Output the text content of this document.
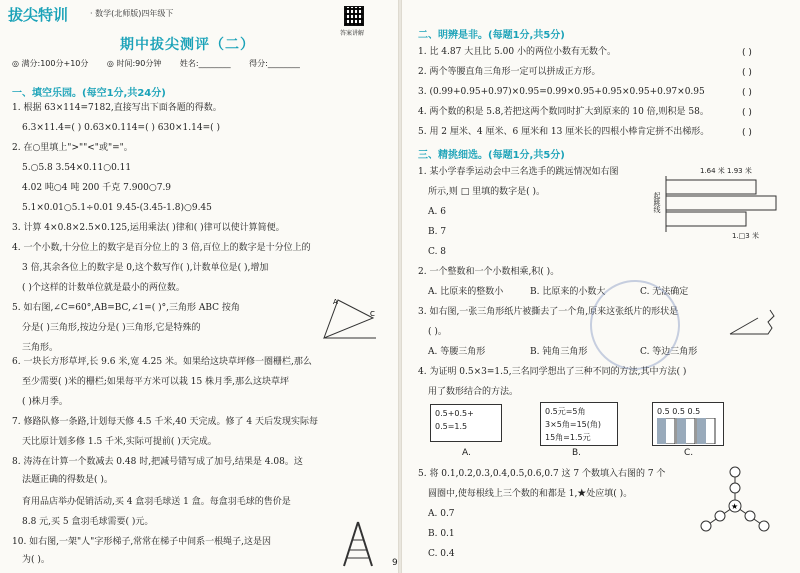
拔尖特训	· 数学(北师版)四年级下
答案讲解
期中拔尖测评（二）
◎ 满分:100分+10分 ◎ 时间:90分钟 姓名:________ 得分:________
一、填空乐园。(每空1分,共24分)
1. 根据 63×114=7182,直接写出下面各题的得数。
6.3×11.4=( ) 0.63×0.114=( ) 630×1.14=( )
2. 在○里填上">""<"或"="。
5.○5.8 3.54×0.11○0.11
4.02 吨○4 吨 200 千克 7.900○7.9
5.1×0.01○5.1÷0.01 9.45-(3.45-1.8)○9.45
3. 计算 4×0.8×2.5×0.125,运用乘法( )律和( )律可以使计算简便。
4. 一个小数,十分位上的数字是百分位上的 3 倍,百位上的数字是十分位上的
3 倍,其余各位上的数字是 0,这个数写作( ),计数单位是( ),增加
( )个这样的计数单位就是最小的两位数。
5. 如右图,∠C=60°,AB=BC,∠1=( )°,三角形 ABC 按角
分是( )三角形,按边分是( )三角形,它是特殊的
三角形。
A
C
6. 一块长方形草坪,长 9.6 米,宽 4.25 米。如果给这块草坪修一圈栅栏,那么
至少需要( )米的栅栏;如果每平方米可以栽 15 株月季,那么这块草坪
( )株月季。
7. 修路队修一条路,计划每天修 4.5 千米,40 天完成。修了 4 天后发现实际每
天比原计划多修 1.5 千米,实际可提前( )天完成。
8. 涛涛在计算一个数减去 0.48 时,把减号错写成了加号,结果是 4.08。这
法题正确的得数是( )。
育用品店举办促销活动,买 4 盒羽毛球送 1 盒。每盒羽毛球的售价是
8.8 元,买 5 盒羽毛球需要( )元。
10. 如右图,一架"人"字形梯子,常常在梯子中间系一根绳子,这是因
为( )。
二、明辨是非。(每题1分,共5分)
1. 比 4.87 大且比 5.00 小的两位小数有无数个。	( )
2. 两个等腰直角三角形一定可以拼成正方形。	( )
3. (0.99+0.95+0.97)×0.95=0.99×0.95+0.95×0.95+0.97×0.95	( )
4. 两个数的积是 5.8,若把这两个数同时扩大到原来的 10 倍,则积是 58。	( )
5. 用 2 厘米、4 厘米、6 厘米和 13 厘米长的四根小棒肯定拼不出梯形。	( )
三、精挑细选。(每题1分,共5分)
1. 某小学春季运动会中三名选手的跳远情况如右图
所示,则 □ 里填的数字是( )。
A. 6
B. 7
C. 8
1.64 米 1.93 米
起跳线
1.□3 米
2. 一个整数和一个小数相乘,积( )。
A. 比原来的整数小	B. 比原来的小数大	C. 无法确定
3. 如右图,一张三角形纸片被撕去了一个角,原来这张纸片的形状是
( )。
A. 等腰三角形	B. 钝角三角形	C. 等边三角形
4. 为证明 0.5×3=1.5,三名同学想出了三种不同的方法,其中方法( )
用了数形结合的方法。
0.5+0.5+
0.5=1.5
0.5元=5角
3×5角=15(角)
15角=1.5元
0.5 0.5 0.5
A.	B.	C.
5. 将 0.1,0.2,0.3,0.4,0.5,0.6,0.7 这 7 个数填入右图的 7 个
圆圈中,使每根线上三个数的和都是 1,★处应填( )。
A. 0.7
B. 0.1
C. 0.4
★
9
